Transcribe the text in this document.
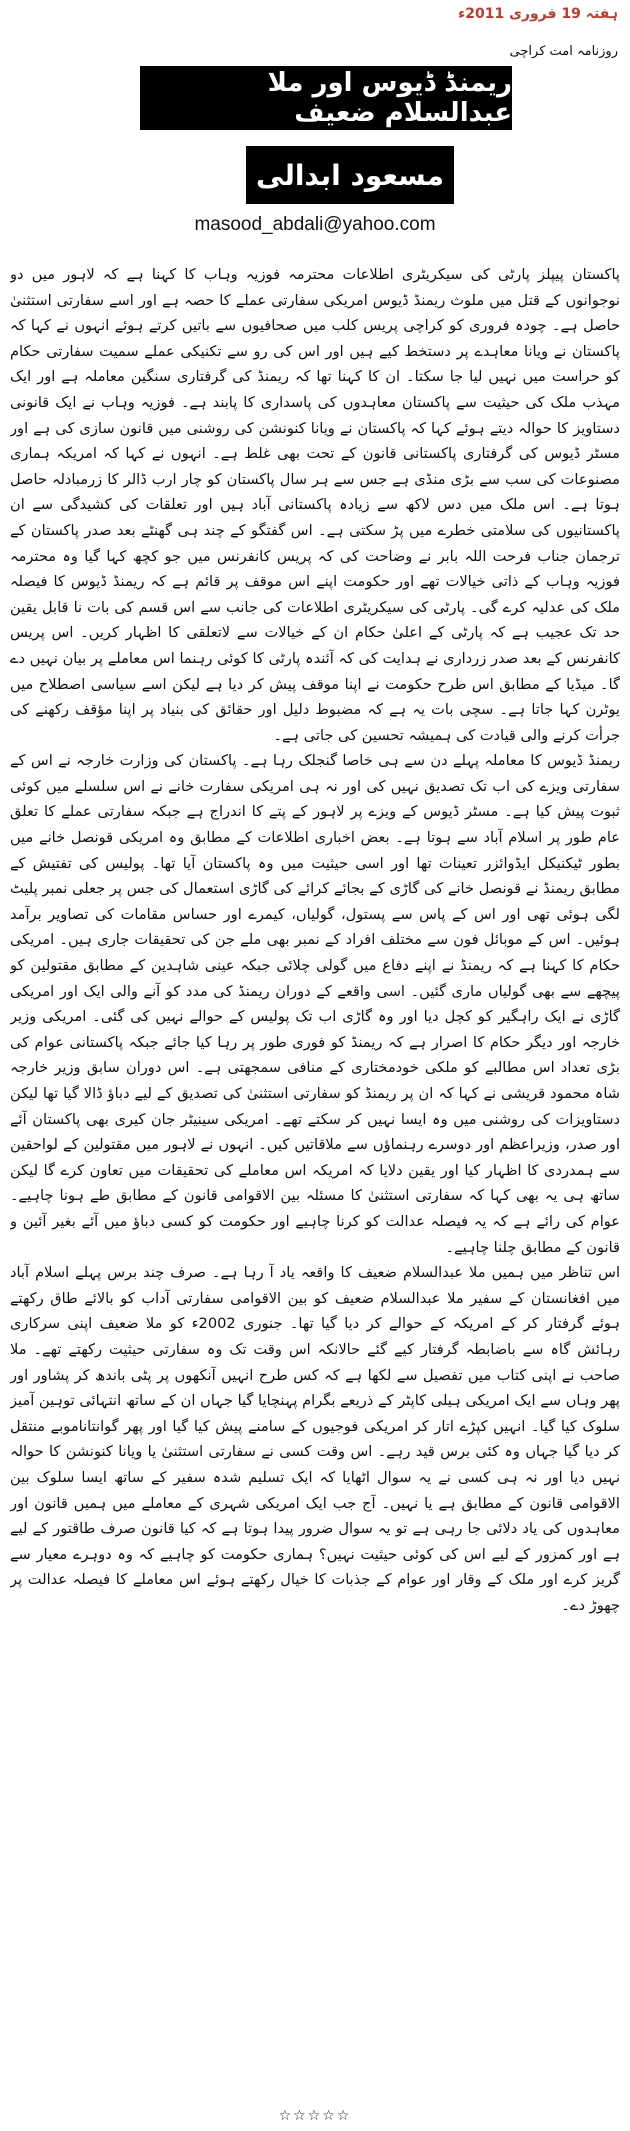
ہفتہ 19 فروری 2011ء
روزنامہ امت کراچی
ریمنڈ ڈیوس اور ملا عبدالسلام ضعیف
مسعود ابدالی
masood_abdali@yahoo.com

پاکستان پیپلز پارٹی کی سیکریٹری اطلاعات محترمہ فوزیہ وہاب کا کہنا ہے کہ لاہور میں دو نوجوانوں کے قتل میں ملوث ریمنڈ ڈیوس امریکی سفارتی عملے کا حصہ ہے اور اسے سفارتی استثنیٰ حاصل ہے۔ چودہ فروری کو کراچی پریس کلب میں صحافیوں سے باتیں کرتے ہوئے انہوں نے کہا کہ پاکستان نے ویانا معاہدے پر دستخط کیے ہیں اور اس کی رو سے تکنیکی عملے سمیت سفارتی حکام کو حراست میں نہیں لیا جا سکتا۔ ان کا کہنا تھا کہ ریمنڈ کی گرفتاری سنگین معاملہ ہے اور ایک مہذب ملک کی حیثیت سے پاکستان معاہدوں کی پاسداری کا پابند ہے۔ فوزیہ وہاب نے ایک قانونی دستاویز کا حوالہ دیتے ہوئے کہا کہ پاکستان نے ویانا کنونشن کی روشنی میں قانون سازی کی ہے اور مسٹر ڈیوس کی گرفتاری پاکستانی قانون کے تحت بھی غلط ہے۔ انہوں نے کہا کہ امریکہ ہماری مصنوعات کی سب سے بڑی منڈی ہے جس سے ہر سال پاکستان کو چار ارب ڈالر کا زرمبادلہ حاصل ہوتا ہے۔ اس ملک میں دس لاکھ سے زیادہ پاکستانی آباد ہیں اور تعلقات کی کشیدگی سے ان پاکستانیوں کی سلامتی خطرے میں پڑ سکتی ہے۔ اس گفتگو کے چند ہی گھنٹے بعد صدر پاکستان کے ترجمان جناب فرحت اللہ بابر نے وضاحت کی کہ پریس کانفرنس میں جو کچھ کہا گیا وہ محترمہ فوزیہ وہاب کے ذاتی خیالات تھے اور حکومت اپنے اس موقف پر قائم ہے کہ ریمنڈ ڈیوس کا فیصلہ ملک کی عدلیہ کرے گی۔ پارٹی کی سیکریٹری اطلاعات کی جانب سے اس قسم کی بات نا قابل یقین حد تک عجیب ہے کہ پارٹی کے اعلیٰ حکام ان کے خیالات سے لاتعلقی کا اظہار کریں۔ اس پریس کانفرنس کے بعد صدر زرداری نے ہدایت کی کہ آئندہ پارٹی کا کوئی رہنما اس معاملے پر بیان نہیں دے گا۔ میڈیا کے مطابق اس طرح حکومت نے اپنا موقف پیش کر دیا ہے لیکن اسے سیاسی اصطلاح میں یوٹرن کہا جاتا ہے۔ سچی بات یہ ہے کہ مضبوط دلیل اور حقائق کی بنیاد پر اپنا مؤقف رکھنے کی جرأت کرنے والی قیادت کی ہمیشہ تحسین کی جاتی ہے۔

ریمنڈ ڈیوس کا معاملہ پہلے دن سے ہی خاصا گنجلک رہا ہے۔ پاکستان کی وزارت خارجہ نے اس کے سفارتی ویزے کی اب تک تصدیق نہیں کی اور نہ ہی امریکی سفارت خانے نے اس سلسلے میں کوئی ثبوت پیش کیا ہے۔ مسٹر ڈیوس کے ویزے پر لاہور کے پتے کا اندراج ہے جبکہ سفارتی عملے کا تعلق عام طور پر اسلام آباد سے ہوتا ہے۔ بعض اخباری اطلاعات کے مطابق وہ امریکی قونصل خانے میں بطور ٹیکنیکل ایڈوائزر تعینات تھا اور اسی حیثیت میں وہ پاکستان آیا تھا۔ پولیس کی تفتیش کے مطابق ریمنڈ نے قونصل خانے کی گاڑی کے بجائے کرائے کی گاڑی استعمال کی جس پر جعلی نمبر پلیٹ لگی ہوئی تھی اور اس کے پاس سے پستول، گولیاں، کیمرے اور حساس مقامات کی تصاویر برآمد ہوئیں۔ اس کے موبائل فون سے مختلف افراد کے نمبر بھی ملے جن کی تحقیقات جاری ہیں۔ امریکی حکام کا کہنا ہے کہ ریمنڈ نے اپنے دفاع میں گولی چلائی جبکہ عینی شاہدین کے مطابق مقتولین کو پیچھے سے بھی گولیاں ماری گئیں۔ اسی واقعے کے دوران ریمنڈ کی مدد کو آنے والی ایک اور امریکی گاڑی نے ایک راہگیر کو کچل دیا اور وہ گاڑی اب تک پولیس کے حوالے نہیں کی گئی۔ امریکی وزیر خارجہ اور دیگر حکام کا اصرار ہے کہ ریمنڈ کو فوری طور پر رہا کیا جائے جبکہ پاکستانی عوام کی بڑی تعداد اس مطالبے کو ملکی خودمختاری کے منافی سمجھتی ہے۔ اس دوران سابق وزیر خارجہ شاہ محمود قریشی نے کہا کہ ان پر ریمنڈ کو سفارتی استثنیٰ کی تصدیق کے لیے دباؤ ڈالا گیا تھا لیکن دستاویزات کی روشنی میں وہ ایسا نہیں کر سکتے تھے۔ امریکی سینیٹر جان کیری بھی پاکستان آئے اور صدر، وزیراعظم اور دوسرے رہنماؤں سے ملاقاتیں کیں۔ انہوں نے لاہور میں مقتولین کے لواحقین سے ہمدردی کا اظہار کیا اور یقین دلایا کہ امریکہ اس معاملے کی تحقیقات میں تعاون کرے گا لیکن ساتھ ہی یہ بھی کہا کہ سفارتی استثنیٰ کا مسئلہ بین الاقوامی قانون کے مطابق طے ہونا چاہیے۔ عوام کی رائے ہے کہ یہ فیصلہ عدالت کو کرنا چاہیے اور حکومت کو کسی دباؤ میں آئے بغیر آئین و قانون کے مطابق چلنا چاہیے۔

اس تناظر میں ہمیں ملا عبدالسلام ضعیف کا واقعہ یاد آ رہا ہے۔ صرف چند برس پہلے اسلام آباد میں افغانستان کے سفیر ملا عبدالسلام ضعیف کو بین الاقوامی سفارتی آداب کو بالائے طاق رکھتے ہوئے گرفتار کر کے امریکہ کے حوالے کر دیا گیا تھا۔ جنوری 2002ء کو ملا ضعیف اپنی سرکاری رہائش گاہ سے باضابطہ گرفتار کیے گئے حالانکہ اس وقت تک وہ سفارتی حیثیت رکھتے تھے۔ ملا صاحب نے اپنی کتاب میں تفصیل سے لکھا ہے کہ کس طرح انہیں آنکھوں پر پٹی باندھ کر پشاور اور پھر وہاں سے ایک امریکی ہیلی کاپٹر کے ذریعے بگرام پہنچایا گیا جہاں ان کے ساتھ انتہائی توہین آمیز سلوک کیا گیا۔ انہیں کپڑے اتار کر امریکی فوجیوں کے سامنے پیش کیا گیا اور پھر گوانتاناموبے منتقل کر دیا گیا جہاں وہ کئی برس قید رہے۔ اس وقت کسی نے سفارتی استثنیٰ یا ویانا کنونشن کا حوالہ نہیں دیا اور نہ ہی کسی نے یہ سوال اٹھایا کہ ایک تسلیم شدہ سفیر کے ساتھ ایسا سلوک بین الاقوامی قانون کے مطابق ہے یا نہیں۔ آج جب ایک امریکی شہری کے معاملے میں ہمیں قانون اور معاہدوں کی یاد دلائی جا رہی ہے تو یہ سوال ضرور پیدا ہوتا ہے کہ کیا قانون صرف طاقتور کے لیے ہے اور کمزور کے لیے اس کی کوئی حیثیت نہیں؟ ہماری حکومت کو چاہیے کہ وہ دوہرے معیار سے گریز کرے اور ملک کے وقار اور عوام کے جذبات کا خیال رکھتے ہوئے اس معاملے کا فیصلہ عدالت پر چھوڑ دے۔

☆☆☆☆☆
